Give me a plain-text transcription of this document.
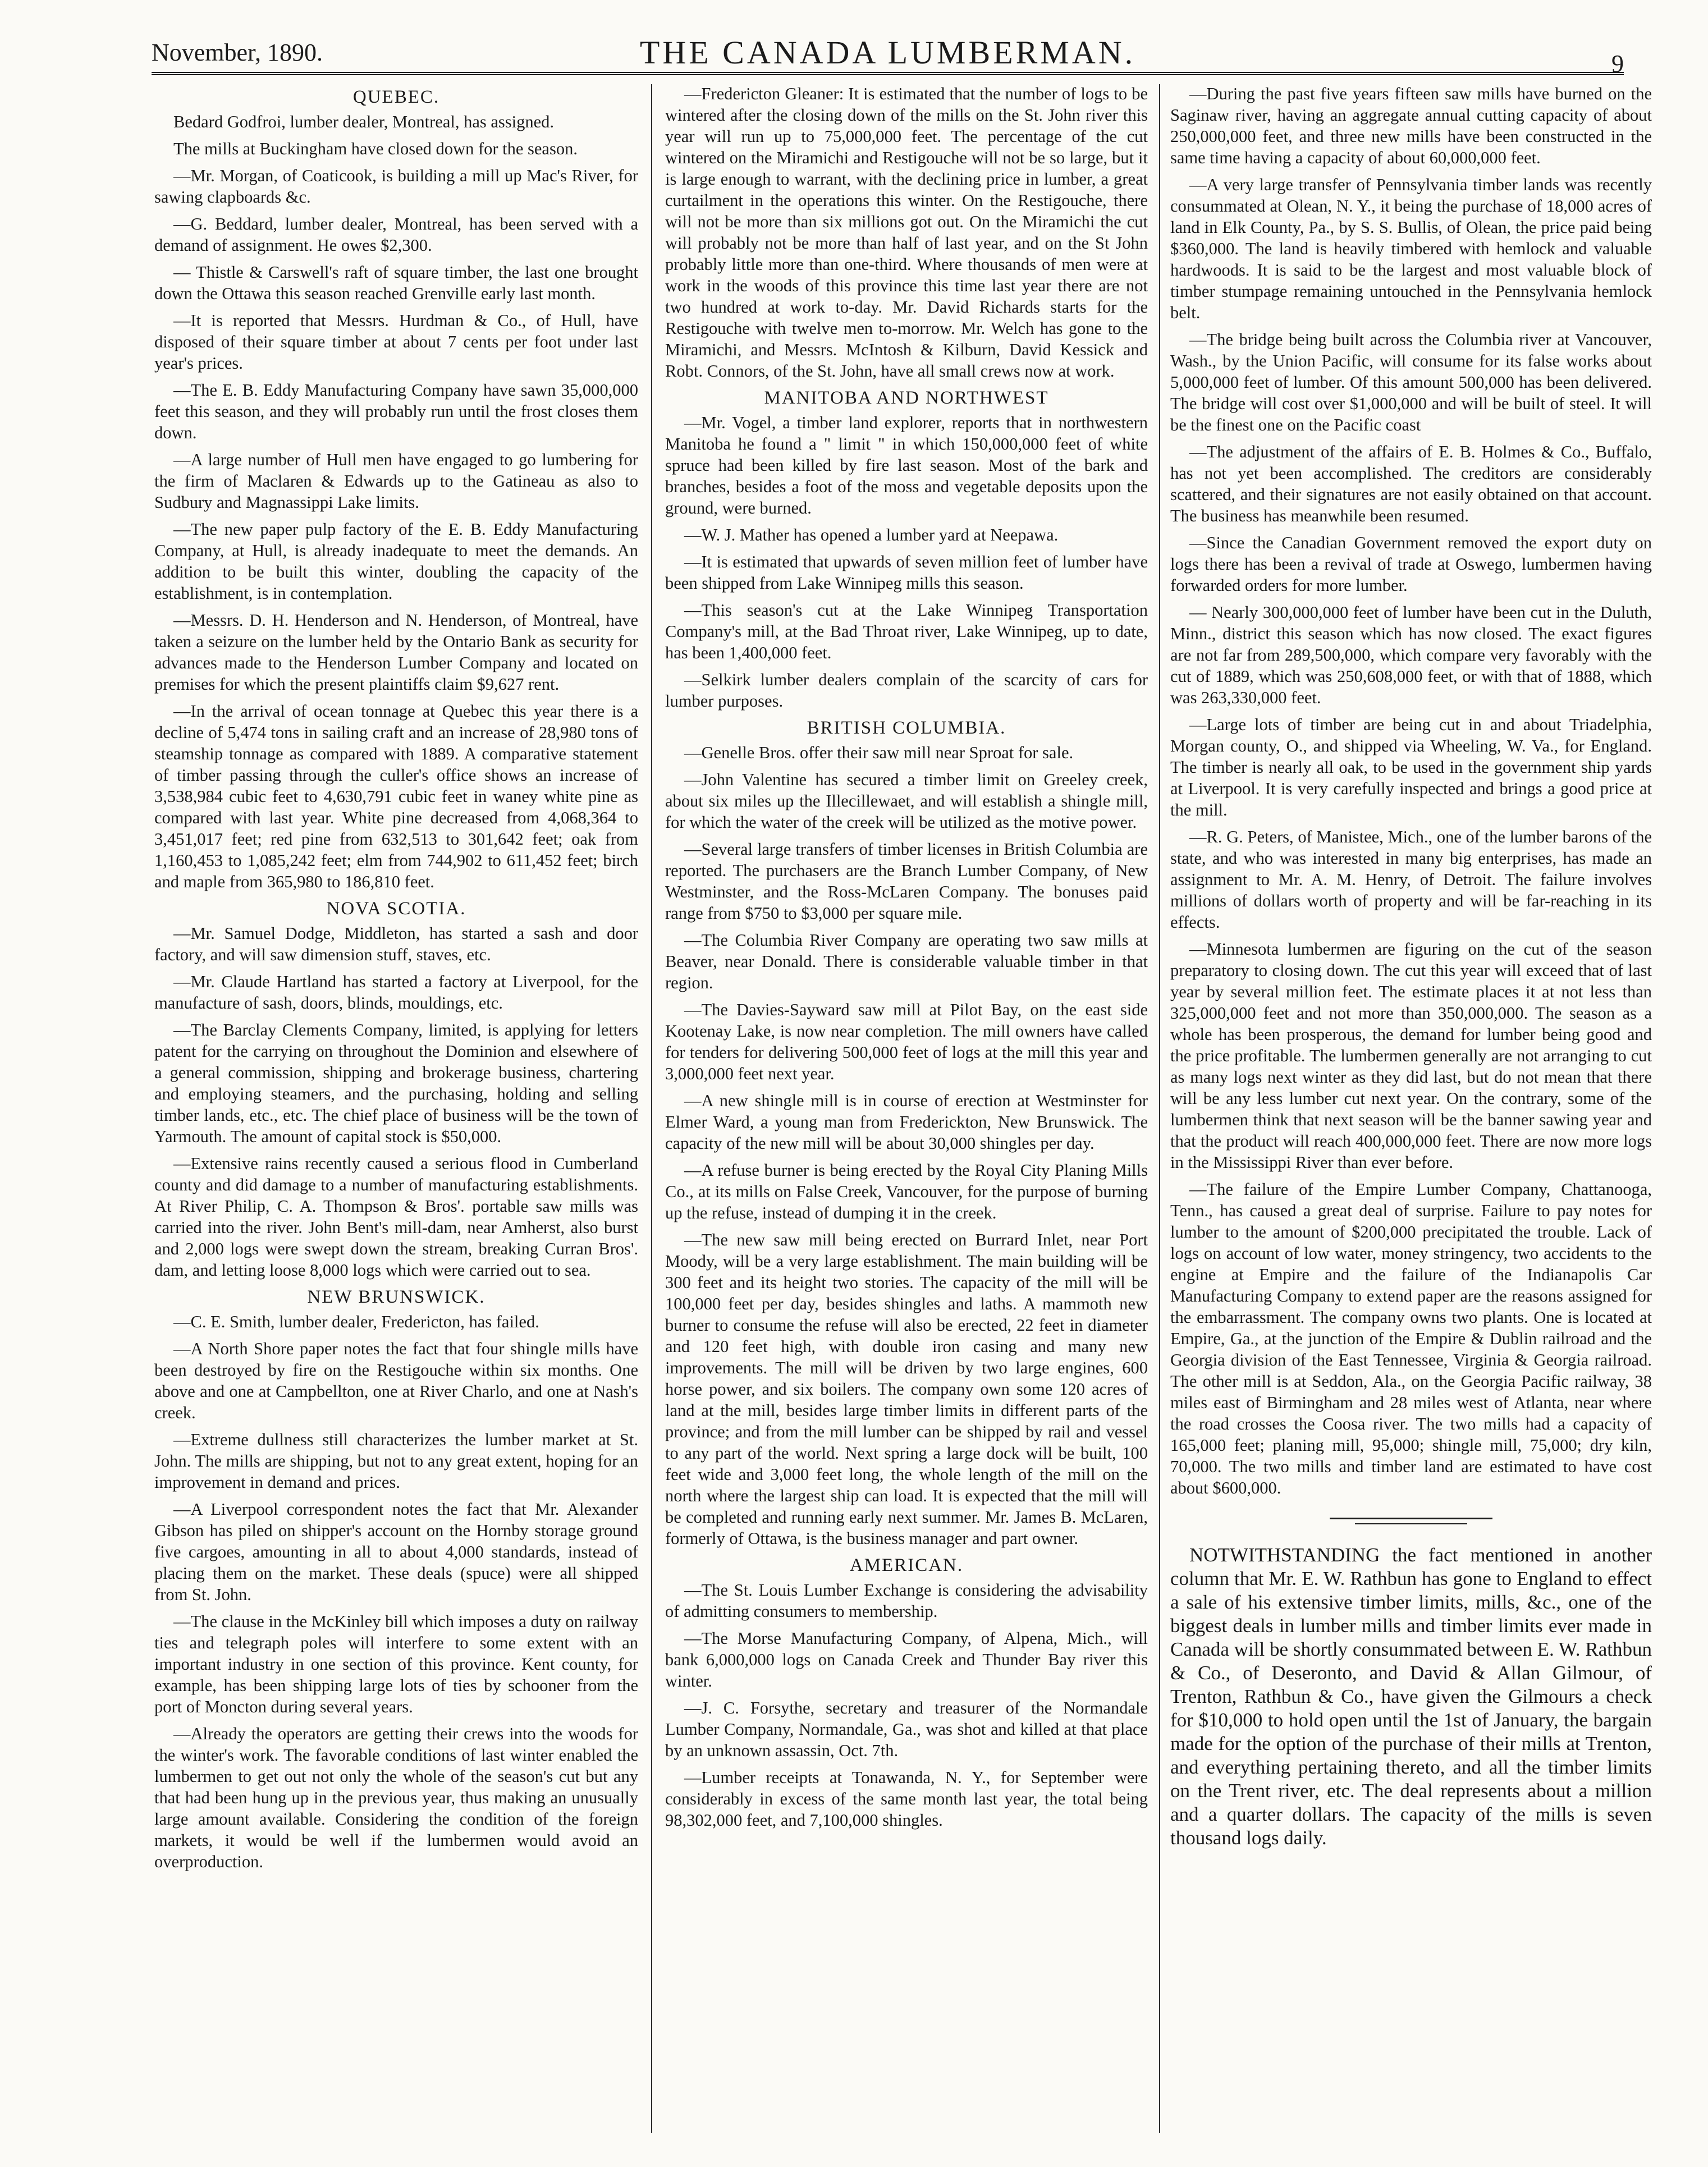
November, 1890.	THE CANADA LUMBERMAN.	9
QUEBEC.

Bedard Godfroi, lumber dealer, Montreal, has assigned.

The mills at Buckingham have closed down for the season.

—Mr. Morgan, of Coaticook, is building a mill up Mac's River, for sawing clapboards &c.

—G. Beddard, lumber dealer, Montreal, has been served with a demand of assignment. He owes $2,300.

— Thistle & Carswell's raft of square timber, the last one brought down the Ottawa this season reached Grenville early last month.

—It is reported that Messrs. Hurdman & Co., of Hull, have disposed of their square timber at about 7 cents per foot under last year's prices.

—The E. B. Eddy Manufacturing Company have sawn 35,000,000 feet this season, and they will probably run until the frost closes them down.

—A large number of Hull men have engaged to go lumbering for the firm of Maclaren & Edwards up to the Gatineau as also to Sudbury and Magnassippi Lake limits.

—The new paper pulp factory of the E. B. Eddy Manufacturing Company, at Hull, is already inadequate to meet the demands. An addition to be built this winter, doubling the capacity of the establishment, is in contemplation.

—Messrs. D. H. Henderson and N. Henderson, of Montreal, have taken a seizure on the lumber held by the Ontario Bank as security for advances made to the Henderson Lumber Company and located on premises for which the present plaintiffs claim $9,627 rent.

—In the arrival of ocean tonnage at Quebec this year there is a decline of 5,474 tons in sailing craft and an increase of 28,980 tons of steamship tonnage as compared with 1889. A comparative statement of timber passing through the culler's office shows an increase of 3,538,984 cubic feet to 4,630,791 cubic feet in waney white pine as compared with last year. White pine decreased from 4,068,364 to 3,451,017 feet; red pine from 632,513 to 301,642 feet; oak from 1,160,453 to 1,085,242 feet; elm from 744,902 to 611,452 feet; birch and maple from 365,980 to 186,810 feet.

NOVA SCOTIA.

—Mr. Samuel Dodge, Middleton, has started a sash and door factory, and will saw dimension stuff, staves, etc.

—Mr. Claude Hartland has started a factory at Liverpool, for the manufacture of sash, doors, blinds, mouldings, etc.

—The Barclay Clements Company, limited, is applying for letters patent for the carrying on throughout the Dominion and elsewhere of a general commission, shipping and brokerage business, chartering and employing steamers, and the purchasing, holding and selling timber lands, etc., etc. The chief place of business will be the town of Yarmouth. The amount of capital stock is $50,000.

—Extensive rains recently caused a serious flood in Cumberland county and did damage to a number of manufacturing establishments. At River Philip, C. A. Thompson & Bros'. portable saw mills was carried into the river. John Bent's mill-dam, near Amherst, also burst and 2,000 logs were swept down the stream, breaking Curran Bros'. dam, and letting loose 8,000 logs which were carried out to sea.

NEW BRUNSWICK.

—C. E. Smith, lumber dealer, Fredericton, has failed.

—A North Shore paper notes the fact that four shingle mills have been destroyed by fire on the Restigouche within six months. One above and one at Campbellton, one at River Charlo, and one at Nash's creek.

—Extreme dullness still characterizes the lumber market at St. John. The mills are shipping, but not to any great extent, hoping for an improvement in demand and prices.

—A Liverpool correspondent notes the fact that Mr. Alexander Gibson has piled on shipper's account on the Hornby storage ground five cargoes, amounting in all to about 4,000 standards, instead of placing them on the market. These deals (spuce) were all shipped from St. John.

—The clause in the McKinley bill which imposes a duty on railway ties and telegraph poles will interfere to some extent with an important industry in one section of this province. Kent county, for example, has been shipping large lots of ties by schooner from the port of Moncton during several years.

—Already the operators are getting their crews into the woods for the winter's work. The favorable conditions of last winter enabled the lumbermen to get out not only the whole of the season's cut but any that had been hung up in the previous year, thus making an unusually large amount available. Considering the condition of the foreign markets, it would be well if the lumbermen would avoid an overproduction.

—Fredericton Gleaner: It is estimated that the number of logs to be wintered after the closing down of the mills on the St. John river this year will run up to 75,000,000 feet. The percentage of the cut wintered on the Miramichi and Restigouche will not be so large, but it is large enough to warrant, with the declining price in lumber, a great curtailment in the operations this winter. On the Restigouche, there will not be more than six millions got out. On the Miramichi the cut will probably not be more than half of last year, and on the St John probably little more than one-third. Where thousands of men were at work in the woods of this province this time last year there are not two hundred at work to-day. Mr. David Richards starts for the Restigouche with twelve men to-morrow. Mr. Welch has gone to the Miramichi, and Messrs. McIntosh & Kilburn, David Kessick and Robt. Connors, of the St. John, have all small crews now at work.

MANITOBA AND NORTHWEST

—Mr. Vogel, a timber land explorer, reports that in northwestern Manitoba he found a " limit " in which 150,000,000 feet of white spruce had been killed by fire last season. Most of the bark and branches, besides a foot of the moss and vegetable deposits upon the ground, were burned.

—W. J. Mather has opened a lumber yard at Neepawa.

—It is estimated that upwards of seven million feet of lumber have been shipped from Lake Winnipeg mills this season.

—This season's cut at the Lake Winnipeg Transportation Company's mill, at the Bad Throat river, Lake Winnipeg, up to date, has been 1,400,000 feet.

—Selkirk lumber dealers complain of the scarcity of cars for lumber purposes.

BRITISH COLUMBIA.

—Genelle Bros. offer their saw mill near Sproat for sale.

—John Valentine has secured a timber limit on Greeley creek, about six miles up the Illecillewaet, and will establish a shingle mill, for which the water of the creek will be utilized as the motive power.

—Several large transfers of timber licenses in British Columbia are reported. The purchasers are the Branch Lumber Company, of New Westminster, and the Ross-McLaren Company. The bonuses paid range from $750 to $3,000 per square mile.

—The Columbia River Company are operating two saw mills at Beaver, near Donald. There is considerable valuable timber in that region.

—The Davies-Sayward saw mill at Pilot Bay, on the east side Kootenay Lake, is now near completion. The mill owners have called for tenders for delivering 500,000 feet of logs at the mill this year and 3,000,000 feet next year.

—A new shingle mill is in course of erection at Westminster for Elmer Ward, a young man from Frederickton, New Brunswick. The capacity of the new mill will be about 30,000 shingles per day.

—A refuse burner is being erected by the Royal City Planing Mills Co., at its mills on False Creek, Vancouver, for the purpose of burning up the refuse, instead of dumping it in the creek.

—The new saw mill being erected on Burrard Inlet, near Port Moody, will be a very large establishment. The main building will be 300 feet and its height two stories. The capacity of the mill will be 100,000 feet per day, besides shingles and laths. A mammoth new burner to consume the refuse will also be erected, 22 feet in diameter and 120 feet high, with double iron casing and many new improvements. The mill will be driven by two large engines, 600 horse power, and six boilers. The company own some 120 acres of land at the mill, besides large timber limits in different parts of the province; and from the mill lumber can be shipped by rail and vessel to any part of the world. Next spring a large dock will be built, 100 feet wide and 3,000 feet long, the whole length of the mill on the north where the largest ship can load. It is expected that the mill will be completed and running early next summer. Mr. James B. McLaren, formerly of Ottawa, is the business manager and part owner.

AMERICAN.

—The St. Louis Lumber Exchange is considering the advisability of admitting consumers to membership.

—The Morse Manufacturing Company, of Alpena, Mich., will bank 6,000,000 logs on Canada Creek and Thunder Bay river this winter.

—J. C. Forsythe, secretary and treasurer of the Normandale Lumber Company, Normandale, Ga., was shot and killed at that place by an unknown assassin, Oct. 7th.

—Lumber receipts at Tonawanda, N. Y., for September were considerably in excess of the same month last year, the total being 98,302,000 feet, and 7,100,000 shingles.

—During the past five years fifteen saw mills have burned on the Saginaw river, having an aggregate annual cutting capacity of about 250,000,000 feet, and three new mills have been constructed in the same time having a capacity of about 60,000,000 feet.

—A very large transfer of Pennsylvania timber lands was recently consummated at Olean, N. Y., it being the purchase of 18,000 acres of land in Elk County, Pa., by S. S. Bullis, of Olean, the price paid being $360,000. The land is heavily timbered with hemlock and valuable hardwoods. It is said to be the largest and most valuable block of timber stumpage remaining untouched in the Pennsylvania hemlock belt.

—The bridge being built across the Columbia river at Vancouver, Wash., by the Union Pacific, will consume for its false works about 5,000,000 feet of lumber. Of this amount 500,000 has been delivered. The bridge will cost over $1,000,000 and will be built of steel. It will be the finest one on the Pacific coast

—The adjustment of the affairs of E. B. Holmes & Co., Buffalo, has not yet been accomplished. The creditors are considerably scattered, and their signatures are not easily obtained on that account. The business has meanwhile been resumed.

—Since the Canadian Government removed the export duty on logs there has been a revival of trade at Oswego, lumbermen having forwarded orders for more lumber.

— Nearly 300,000,000 feet of lumber have been cut in the Duluth, Minn., district this season which has now closed. The exact figures are not far from 289,500,000, which compare very favorably with the cut of 1889, which was 250,608,000 feet, or with that of 1888, which was 263,330,000 feet.

—Large lots of timber are being cut in and about Triadelphia, Morgan county, O., and shipped via Wheeling, W. Va., for England. The timber is nearly all oak, to be used in the government ship yards at Liverpool. It is very carefully inspected and brings a good price at the mill.

—R. G. Peters, of Manistee, Mich., one of the lumber barons of the state, and who was interested in many big enterprises, has made an assignment to Mr. A. M. Henry, of Detroit. The failure involves millions of dollars worth of property and will be far-reaching in its effects.

—Minnesota lumbermen are figuring on the cut of the season preparatory to closing down. The cut this year will exceed that of last year by several million feet. The estimate places it at not less than 325,000,000 feet and not more than 350,000,000. The season as a whole has been prosperous, the demand for lumber being good and the price profitable. The lumbermen generally are not arranging to cut as many logs next winter as they did last, but do not mean that there will be any less lumber cut next year. On the contrary, some of the lumbermen think that next season will be the banner sawing year and that the product will reach 400,000,000 feet. There are now more logs in the Mississippi River than ever before.

—The failure of the Empire Lumber Company, Chattanooga, Tenn., has caused a great deal of surprise. Failure to pay notes for lumber to the amount of $200,000 precipitated the trouble. Lack of logs on account of low water, money stringency, two accidents to the engine at Empire and the failure of the Indianapolis Car Manufacturing Company to extend paper are the reasons assigned for the embarrassment. The company owns two plants. One is located at Empire, Ga., at the junction of the Empire & Dublin railroad and the Georgia division of the East Tennessee, Virginia & Georgia railroad. The other mill is at Seddon, Ala., on the Georgia Pacific railway, 38 miles east of Birmingham and 28 miles west of Atlanta, near where the road crosses the Coosa river. The two mills had a capacity of 165,000 feet; planing mill, 95,000; shingle mill, 75,000; dry kiln, 70,000. The two mills and timber land are estimated to have cost about $600,000.

NOTWITHSTANDING the fact mentioned in another column that Mr. E. W. Rathbun has gone to England to effect a sale of his extensive timber limits, mills, &c., one of the biggest deals in lumber mills and timber limits ever made in Canada will be shortly consummated between E. W. Rathbun & Co., of Deseronto, and David & Allan Gilmour, of Trenton, Rathbun & Co., have given the Gilmours a check for $10,000 to hold open until the 1st of January, the bargain made for the option of the purchase of their mills at Trenton, and everything pertaining thereto, and all the timber limits on the Trent river, etc. The deal represents about a million and a quarter dollars. The capacity of the mills is seven thousand logs daily.
